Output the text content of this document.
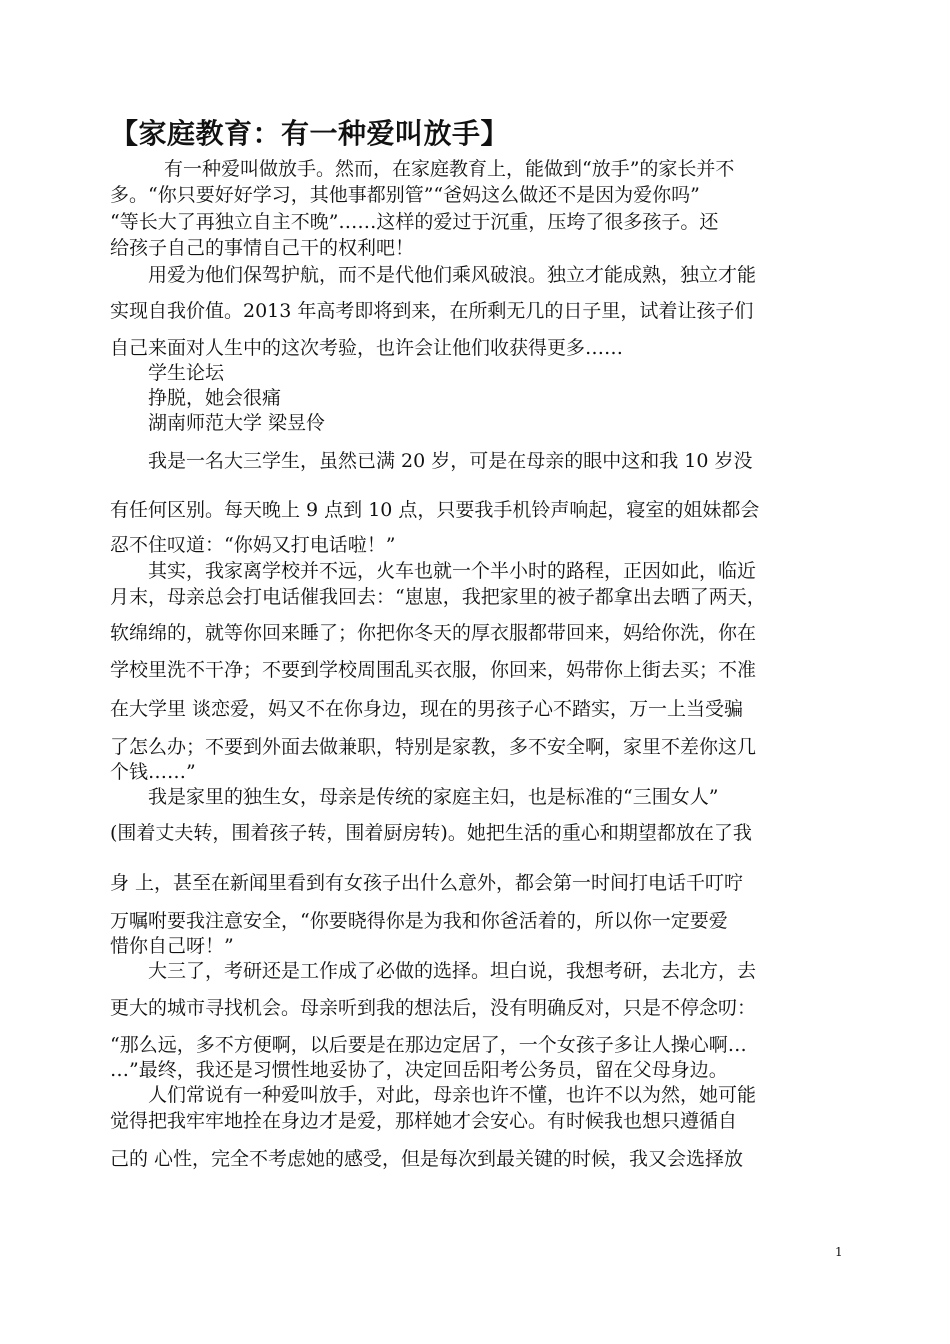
【家庭教育：有一种爱叫放手】

有一种爱叫做放手。然而，在家庭教育上，能做到“放手”的家长并不

多。“你只要好好学习，其他事都别管”“爸妈这么做还不是因为爱你吗”

“等长大了再独立自主不晚”……这样的爱过于沉重，压垮了很多孩子。还

给孩子自己的事情自己干的权利吧！

用爱为他们保驾护航，而不是代他们乘风破浪。独立才能成熟，独立才能

实现自我价值。2013 年高考即将到来，在所剩无几的日子里，试着让孩子们

自己来面对人生中的这次考验，也许会让他们收获得更多……

学生论坛

挣脱，她会很痛

湖南师范大学 梁昱伶

我是一名大三学生，虽然已满 20 岁，可是在母亲的眼中这和我 10 岁没

有任何区别。每天晚上 9 点到 10 点，只要我手机铃声响起，寝室的姐妹都会

忍不住叹道：“你妈又打电话啦！”

其实，我家离学校并不远，火车也就一个半小时的路程，正因如此，临近

月末，母亲总会打电话催我回去：“崽崽，我把家里的被子都拿出去晒了两天，

软绵绵的，就等你回来睡了；你把你冬天的厚衣服都带回来，妈给你洗，你在

学校里洗不干净；不要到学校周围乱买衣服，你回来，妈带你上街去买；不准

在大学里 谈恋爱，妈又不在你身边，现在的男孩子心不踏实，万一上当受骗

了怎么办；不要到外面去做兼职，特别是家教，多不安全啊，家里不差你这几

个钱……”

我是家里的独生女，母亲是传统的家庭主妇，也是标准的“三围女人”

(围着丈夫转，围着孩子转，围着厨房转)。她把生活的重心和期望都放在了我

身 上，甚至在新闻里看到有女孩子出什么意外，都会第一时间打电话千叮咛

万嘱咐要我注意安全，“你要晓得你是为我和你爸活着的，所以你一定要爱

惜你自己呀！”

大三了，考研还是工作成了必做的选择。坦白说，我想考研，去北方，去

更大的城市寻找机会。母亲听到我的想法后，没有明确反对，只是不停念叨：

“那么远，多不方便啊，以后要是在那边定居了，一个女孩子多让人操心啊…

…”最终，我还是习惯性地妥协了，决定回岳阳考公务员，留在父母身边。

人们常说有一种爱叫放手，对此，母亲也许不懂，也许不以为然，她可能

觉得把我牢牢地拴在身边才是爱，那样她才会安心。有时候我也想只遵循自

己的 心性，完全不考虑她的感受，但是每次到最关键的时候，我又会选择放

1
